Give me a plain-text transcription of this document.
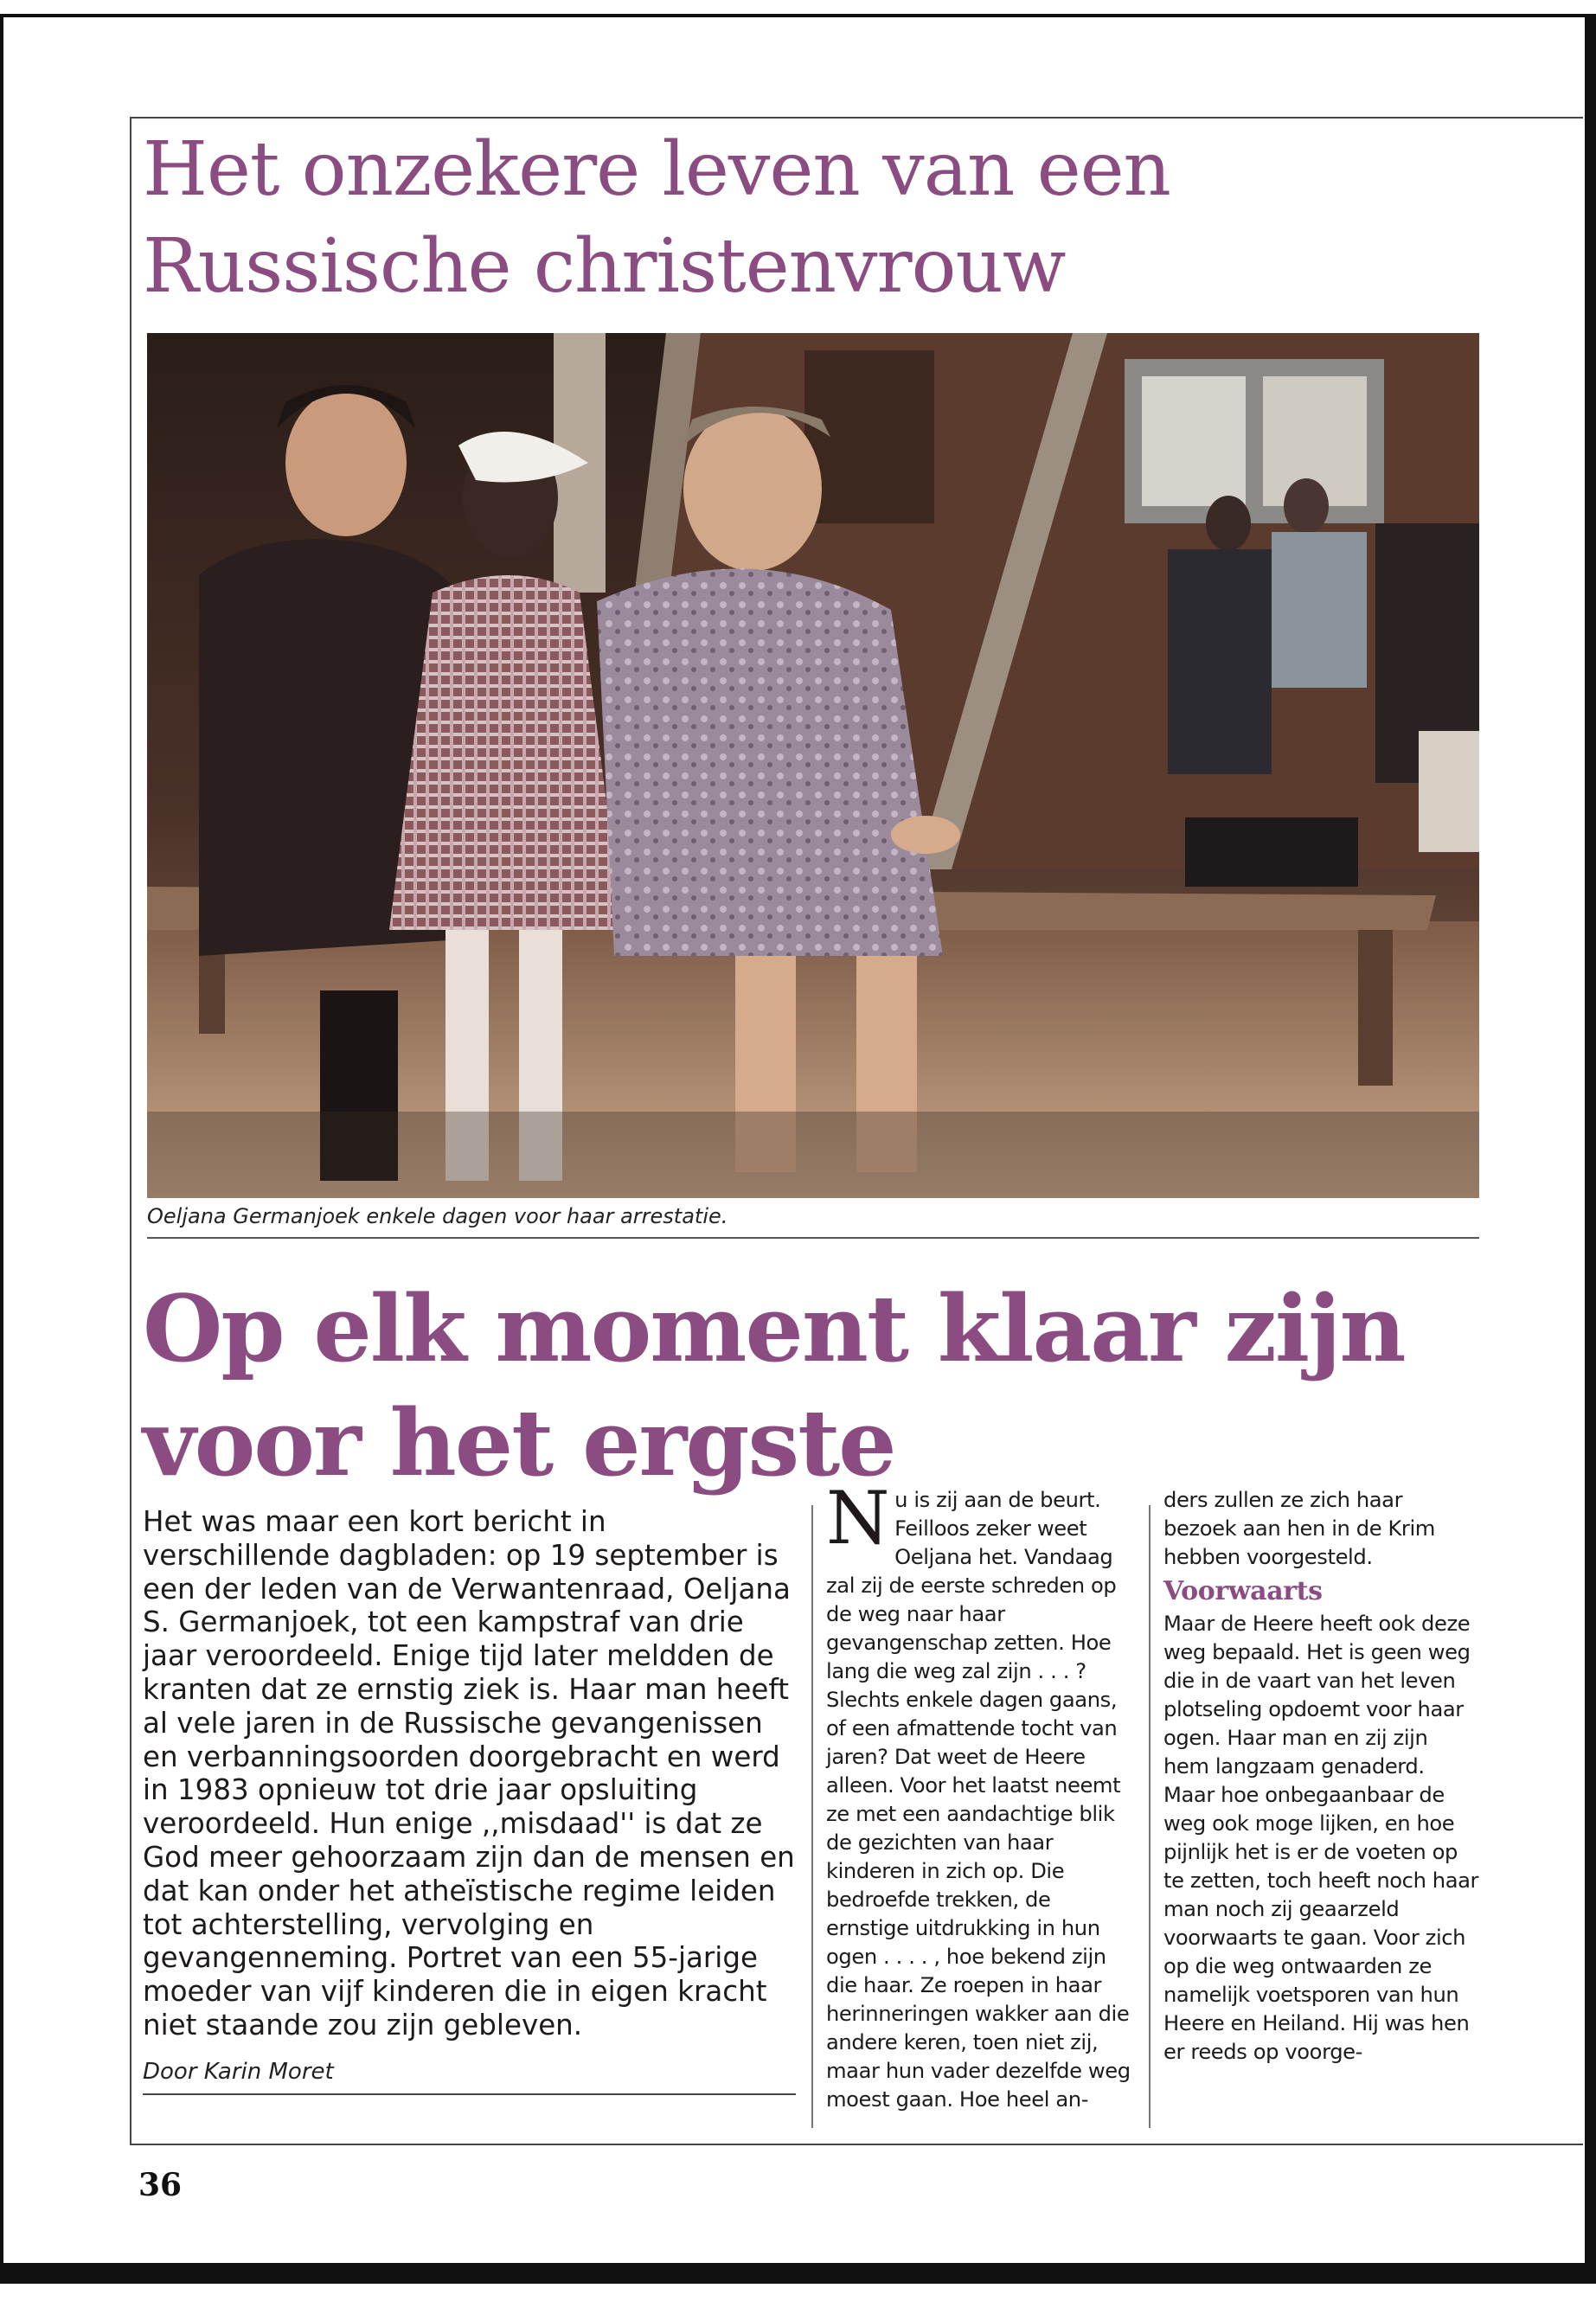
Het onzekere leven van een Russische christenvrouw
Oeljana Germanjoek enkele dagen voor haar arrestatie.
Op elk moment klaar zijn voor het ergste

Het was maar een kort bericht in verschillende dagbladen: op 19 september is een der leden van de Verwantenraad, Oeljana S. Germanjoek, tot een kampstraf van drie jaar veroordeeld. Enige tijd later meldden de kranten dat ze ernstig ziek is. Haar man heeft al vele jaren in de Russische gevangenissen en verbanningsoorden doorgebracht en werd in 1983 opnieuw tot drie jaar opsluiting veroordeeld. Hun enige ,,misdaad'' is dat ze God meer gehoorzaam zijn dan de mensen en dat kan onder het atheïstische regime leiden tot achterstelling, vervolging en gevangenneming. Portret van een 55-jarige moeder van vijf kinderen die in eigen kracht niet staande zou zijn gebleven.

Door Karin Moret
Nu is zij aan de beurt. Feilloos zeker weet Oeljana het. Vandaag zal zij de eerste schreden op de weg naar haar gevangenschap zetten. Hoe lang die weg zal zijn . . . ? Slechts enkele dagen gaans, of een afmattende tocht van jaren? Dat weet de Heere alleen. Voor het laatst neemt ze met een aandachtige blik de gezichten van haar kinderen in zich op. Die bedroefde trekken, de ernstige uitdrukking in hun ogen . . . . , hoe bekend zijn die haar. Ze roepen in haar herinneringen wakker aan die andere keren, toen niet zij, maar hun vader dezelfde weg moest gaan. Hoe heel an-
ders zullen ze zich haar bezoek aan hen in de Krim hebben voorgesteld.
Voorwaarts
Maar de Heere heeft ook deze weg bepaald. Het is geen weg die in de vaart van het leven plotseling opdoemt voor haar ogen. Haar man en zij zijn hem langzaam genaderd. Maar hoe onbegaanbaar de weg ook moge lijken, en hoe pijnlijk het is er de voeten op te zetten, toch heeft noch haar man noch zij geaarzeld voorwaarts te gaan. Voor zich op die weg ontwaarden ze namelijk voetsporen van hun Heere en Heiland. Hij was hen er reeds op voorge-
36
